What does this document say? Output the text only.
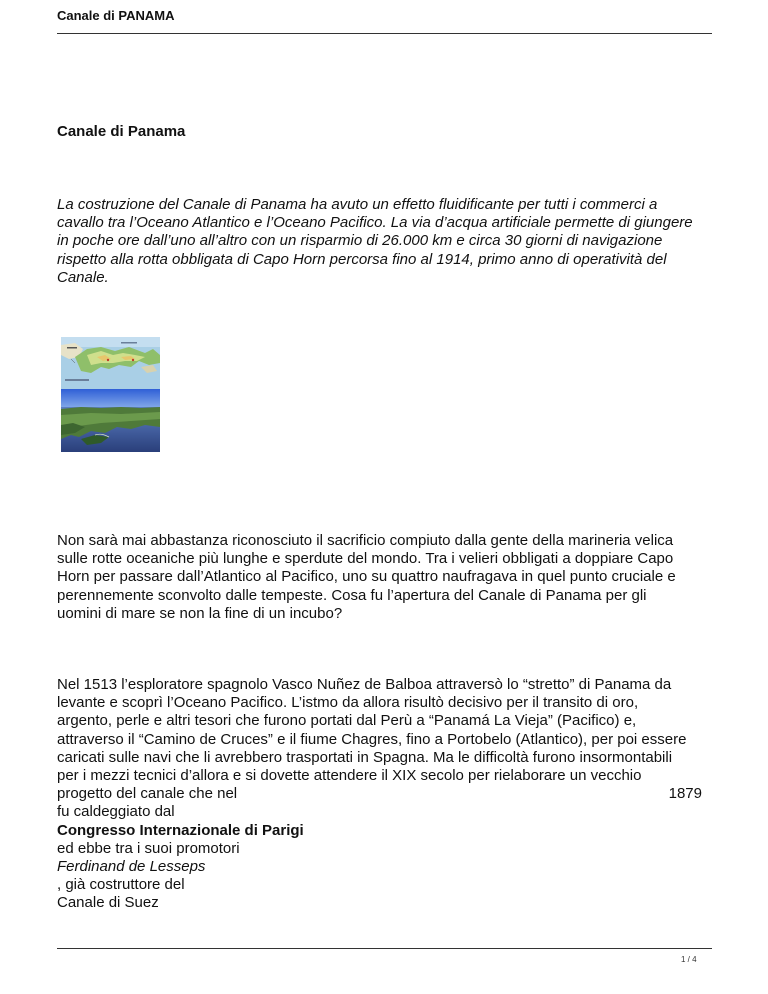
Canale di PANAMA
Canale di Panama
La costruzione del Canale di Panama ha avuto un effetto fluidificante per tutti i commerci a
cavallo tra l’Oceano Atlantico e l’Oceano Pacifico. La via d’acqua artificiale permette di giungere
in poche ore dall’uno all’altro con un risparmio di 26.000 km e circa 30 giorni di navigazione
rispetto alla rotta obbligata di Capo Horn percorsa fino al 1914, primo anno di operatività del
Canale.
Non sarà mai abbastanza riconosciuto il sacrificio compiuto dalla gente della marineria velica
sulle rotte oceaniche più lunghe e sperdute del mondo. Tra i velieri obbligati a doppiare Capo
Horn per passare dall’Atlantico al Pacifico, uno su quattro naufragava in quel punto cruciale e
perennemente sconvolto dalle tempeste. Cosa fu l’apertura del Canale di Panama per gli
uomini di mare se non la fine di un incubo?
Nel 1513 l’esploratore spagnolo Vasco Nuñez de Balboa attraversò lo “stretto” di Panama da
levante e scoprì l’Oceano Pacifico. L’istmo da allora risultò decisivo per il transito di oro,
argento, perle e altri tesori che furono portati dal Perù a “Panamá La Vieja” (Pacifico) e,
attraverso il “Camino de Cruces” e il fiume Chagres, fino a Portobelo (Atlantico), per poi essere
caricati sulle navi che li avrebbero trasportati in Spagna. Ma le difficoltà furono insormontabili
per i mezzi tecnici d’allora e si dovette attendere il XIX secolo per rielaborare un vecchio
progetto del canale che nel	1879
fu caldeggiato dal
Congresso Internazionale di Parigi
ed ebbe tra i suoi promotori
Ferdinand de Lesseps
, già costruttore del
Canale di Suez
1 / 4
